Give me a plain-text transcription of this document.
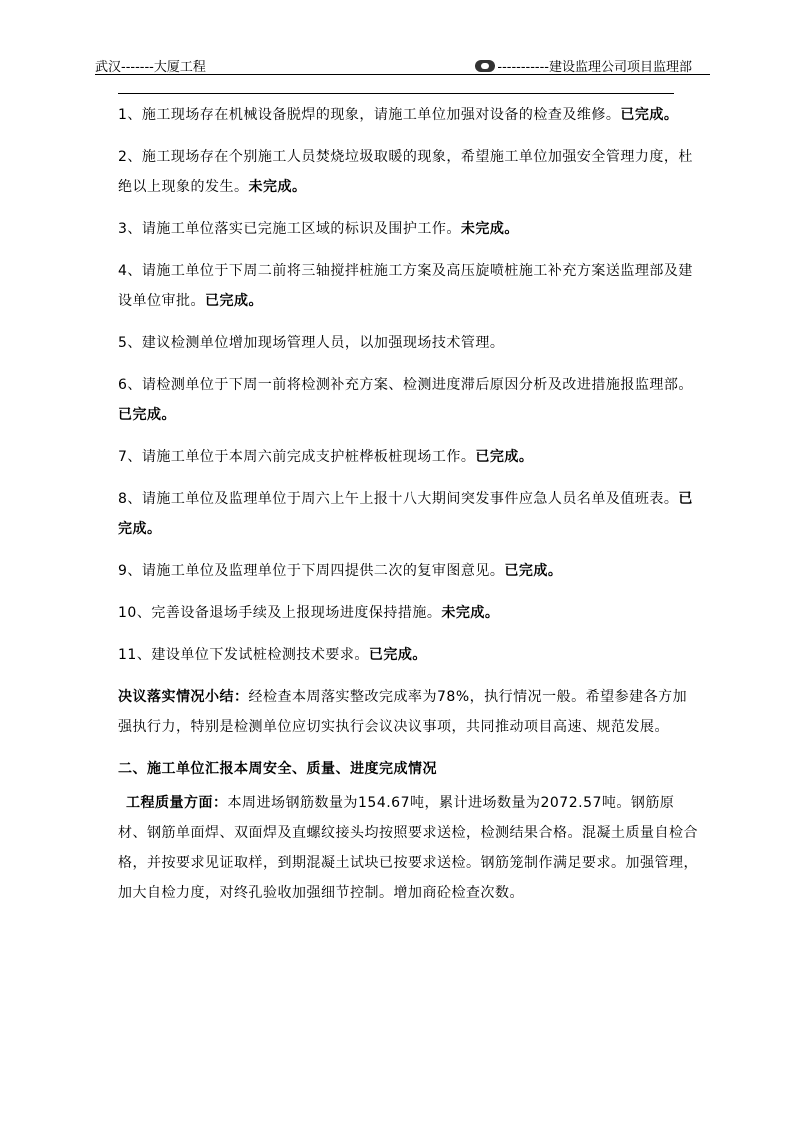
武汉-------大厦工程	-----------建设监理公司项目监理部

1、施工现场存在机械设备脱焊的现象，请施工单位加强对设备的检查及维修。已完成。

2、施工现场存在个别施工人员焚烧垃圾取暖的现象，希望施工单位加强安全管理力度，杜绝以上现象的发生。未完成。

3、请施工单位落实已完施工区域的标识及围护工作。未完成。

4、请施工单位于下周二前将三轴搅拌桩施工方案及高压旋喷桩施工补充方案送监理部及建设单位审批。已完成。

5、建议检测单位增加现场管理人员，以加强现场技术管理。

6、请检测单位于下周一前将检测补充方案、检测进度滞后原因分析及改进措施报监理部。已完成。

7、请施工单位于本周六前完成支护桩桦板桩现场工作。已完成。

8、请施工单位及监理单位于周六上午上报十八大期间突发事件应急人员名单及值班表。已完成。

9、请施工单位及监理单位于下周四提供二次的复审图意见。已完成。

10、完善设备退场手续及上报现场进度保持措施。未完成。

11、建设单位下发试桩检测技术要求。已完成。

决议落实情况小结：经检查本周落实整改完成率为78%，执行情况一般。希望参建各方加强执行力，特别是检测单位应切实执行会议决议事项，共同推动项目高速、规范发展。

二、施工单位汇报本周安全、质量、进度完成情况

工程质量方面：本周进场钢筋数量为154.67吨，累计进场数量为2072.57吨。钢筋原材、钢筋单面焊、双面焊及直螺纹接头均按照要求送检，检测结果合格。混凝土质量自检合格，并按要求见证取样，到期混凝土试块已按要求送检。钢筋笼制作满足要求。加强管理，加大自检力度，对终孔验收加强细节控制。增加商砼检查次数。
